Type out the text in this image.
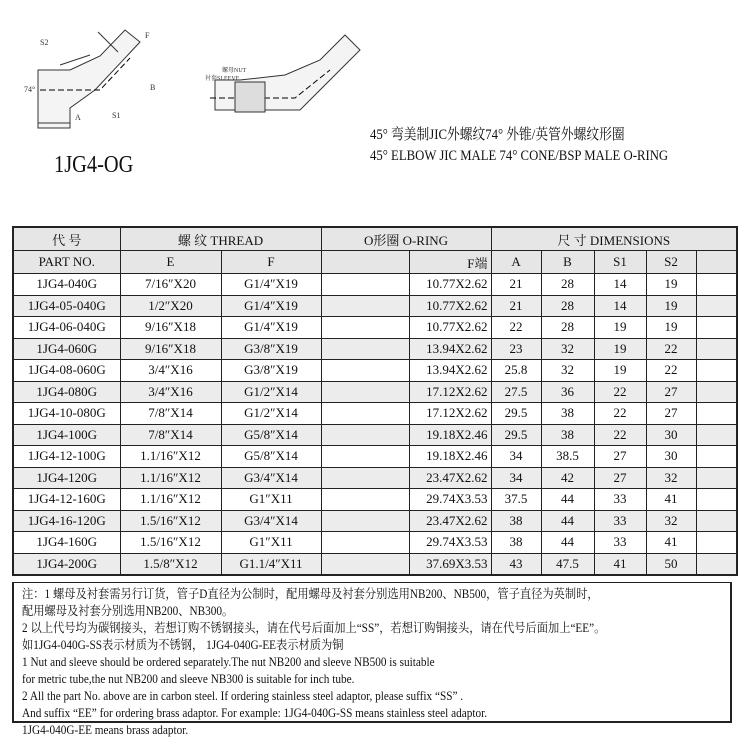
74°
S2
A	S1
B
F
螺母NUT
衬套SLEEVE
45° 弯美制JIC外螺纹74° 外锥/英管外螺纹形圈
45° ELBOW JIC MALE 74° CONE/BSP MALE O-RING
1JG4-OG
代 号	螺 纹 THREAD		O形圈 O-RING		尺 寸 DIMENSIONS				
PART NO.	E	F		F端	A	B	S1	S2	
1JG4-040G	7/16″X20	G1/4″X19		10.77X2.62	21	28	14	19	
1JG4-05-040G	1/2″X20	G1/4″X19		10.77X2.62	21	28	14	19	
1JG4-06-040G	9/16″X18	G1/4″X19		10.77X2.62	22	28	19	19	
1JG4-060G	9/16″X18	G3/8″X19		13.94X2.62	23	32	19	22	
1JG4-08-060G	3/4″X16	G3/8″X19		13.94X2.62	25.8	32	19	22	
1JG4-080G	3/4″X16	G1/2″X14		17.12X2.62	27.5	36	22	27	
1JG4-10-080G	7/8″X14	G1/2″X14		17.12X2.62	29.5	38	22	27	
1JG4-100G	7/8″X14	G5/8″X14		19.18X2.46	29.5	38	22	30	
1JG4-12-100G	1.1/16″X12	G5/8″X14		19.18X2.46	34	38.5	27	30	
1JG4-120G	1.1/16″X12	G3/4″X14		23.47X2.62	34	42	27	32	
1JG4-12-160G	1.1/16″X12	G1″X11		29.74X3.53	37.5	44	33	41	
1JG4-16-120G	1.5/16″X12	G3/4″X14		23.47X2.62	38	44	33	32	
1JG4-160G	1.5/16″X12	G1″X11		29.74X3.53	38	44	33	41	
1JG4-200G	1.5/8″X12	G1.1/4″X11		37.69X3.53	43	47.5	41	50	
注：1 螺母及衬套需另行订货，管子D直径为公制时，配用螺母及衬套分别选用NB200、NB500，管子直径为英制时，
配用螺母及衬套分别选用NB200、NB300。
2 以上代号均为碳钢接头，若想订购不锈钢接头，请在代号后面加上“SS”，若想订购铜接头，请在代号后面加上“EE”。
如1JG4-040G-SS表示材质为不锈钢， 1JG4-040G-EE表示材质为铜
1 Nut and sleeve should be ordered separately.The nut NB200 and sleeve NB500 is suitable
for metric tube,the nut NB200 and sleeve NB300 is suitable for inch tube.
2 All the part No. above are in carbon steel. If ordering stainless steel adaptor, please suffix “SS” .
And suffix “EE” for ordering brass adaptor. For example: 1JG4-040G-SS means stainless steel adaptor.
1JG4-040G-EE means brass adaptor.
